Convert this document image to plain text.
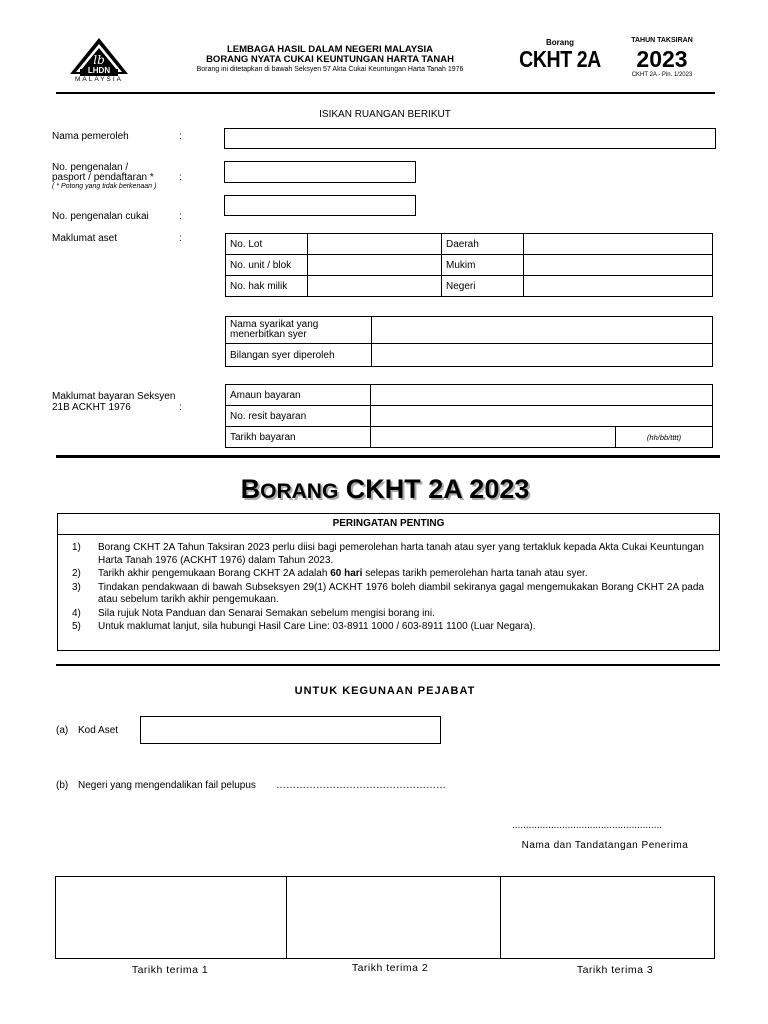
lb
LHDN
MALAYSIA
LEMBAGA HASIL DALAM NEGERI MALAYSIA
BORANG NYATA CUKAI KEUNTUNGAN HARTA TANAH
Borang ini ditetapkan di bawah Seksyen 57 Akta Cukai Keuntungan Harta Tanah 1976
Borang
CKHT 2A
TAHUN TAKSIRAN
2023
CKHT 2A - Pin. 1/2023
ISIKAN RUANGAN BERIKUT
Nama pemeroleh	:
No. pengenalan /
pasport / pendaftaran *
( * Potong yang tidak berkenaan )
:
No. pengenalan cukai	:
Maklumat aset	:	No. Lot		Daerah	
No. unit / blok		Mukim	
No. hak milik		Negeri	
Nama syarikat yang
menerbitkan syer	
Bilangan syer diperoleh	
Maklumat bayaran Seksyen
21B ACKHT 1976	:
Amaun bayaran		
No. resit bayaran		
Tarikh bayaran		(hh/bb/tttt)
BORANG CKHT 2A 2023
PERINGATAN PENTING
1) Borang CKHT 2A Tahun Taksiran 2023 perlu diisi bagi pemerolehan harta tanah atau syer yang tertakluk kepada Akta Cukai Keuntungan Harta Tanah 1976 (ACKHT 1976) dalam Tahun 2023.
2) Tarikh akhir pengemukaan Borang CKHT 2A adalah 60 hari selepas tarikh pemerolehan harta tanah atau syer.
3) Tindakan pendakwaan di bawah Subseksyen 29(1) ACKHT 1976 boleh diambil sekiranya gagal mengemukakan Borang CKHT 2A pada atau sebelum tarikh akhir pengemukaan.
4) Sila rujuk Nota Panduan dan Senarai Semakan sebelum mengisi borang ini.
5) Untuk maklumat lanjut, sila hubungi Hasil Care Line: 03-8911 1000 / 603-8911 1100 (Luar Negara).
UNTUK KEGUNAAN PEJABAT
(a) Kod Aset
(b) Negeri yang mengendalikan fail pelupus ……………………………………………
......................................................
Nama dan Tandatangan Penerima
Tarikh terima 1	Tarikh terima 2	Tarikh terima 3
